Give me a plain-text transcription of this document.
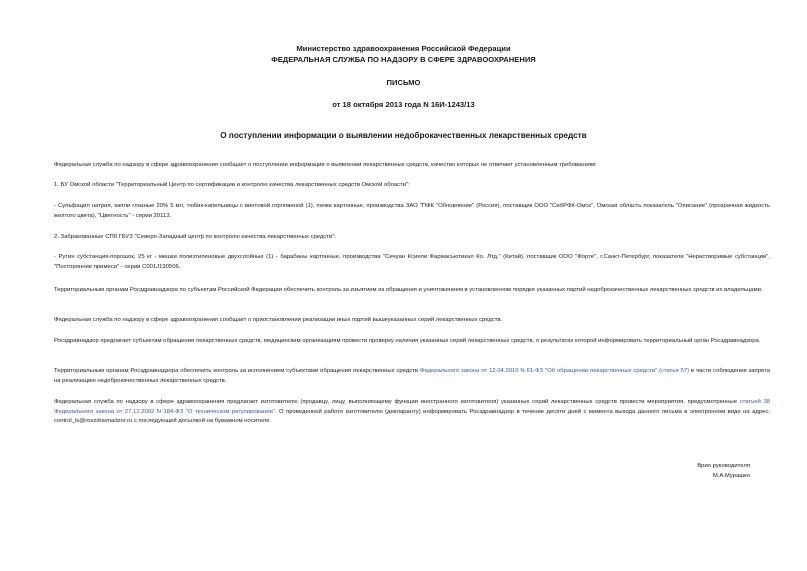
Министерство здравоохранения Российской Федерации
ФЕДЕРАЛЬНАЯ СЛУЖБА ПО НАДЗОРУ В СФЕРЕ ЗДРАВООХРАНЕНИЯ
ПИСЬМО
от 18 октября 2013 года N 16И-1243/13
О поступлении информации о выявлении недоброкачественных лекарственных средств

Федеральная служба по надзору в сфере здравоохранения сообщает о поступлении информации о выявлении лекарственных средств, качество которых не отвечает установленным требованиям:

1. БУ Омской области "Территориальный Центр по сертификации и контролю качества лекарственных средств Омской области":

- Сульфацил натрия, капли глазные 20% 5 мл, тюбик-капельницы с винтовой горловиной (1), пачки картонные, производства ЗАО "ПФК "Обновление" (Россия), поставщик ООО "СибРФК-Омск", Омская область показатель "Описание" (прозрачная жидкость желтого цвета), "Цветность" - серии 20113.

2. Забракованные СПб ГБУЗ "Северо-Западный центр по контролю качества лекарственных средств":

- Рутин субстанция-порошок, 25 кг - мешки полиэтиленовые двухслойные (1) - барабаны картонные, производства "Сичуан Ксиели Фармасьютикал Ко. Лтд." (Китай), поставщик ООО "Форте", г.Санкт-Петербург, показатели "Нерастворимые субстанции", "Посторонние примеси" - серии С001J130506.

Территориальным органам Росздравнадзора по субъектам Российской Федерации обеспечить контроль за изъятием из обращения и уничтожением в установленном порядке указанных партий недоброкачественных лекарственных средств их владельцами.

Федеральная служба по надзору в сфере здравоохранения сообщает о приостановлении реализации иных партий вышеуказанных серий лекарственных средств.

Росздравнадзор предлагает субъектам обращения лекарственных средств, медицинским организациям провести проверку наличия указанных серий лекарственных средств, о результатах которой информировать территориальный орган Росздравнадзора.

Территориальным органам Росздравнадзора обеспечить контроль за исполнением субъектами обращения лекарственных средств Федерального закона от 12.04.2010 N 61-ФЗ "Об обращении лекарственных средств" (статья 57) в части соблюдения запрета на реализацию недоброкачественных лекарственных средств.

Федеральная служба по надзору в сфере здравоохранения предлагает изготовителю (продавцу, лицу, выполняющему функции иностранного изготовителя) указанных серий лекарственных средств провести мероприятия, предусмотренные статьей 38 Федерального закона от 27.12.2002 N 184-ФЗ "О техническом регулировании". О проведенной работе изготовителю (декларанту) информировать Росздравнадзор в течение десяти дней с момента выхода данного письма в электронном виде на адрес: control_ls@roszdravnadzor.ru с последующей досылкой на бумажном носителе.

Врио руководителя
М.А.Мурашко
